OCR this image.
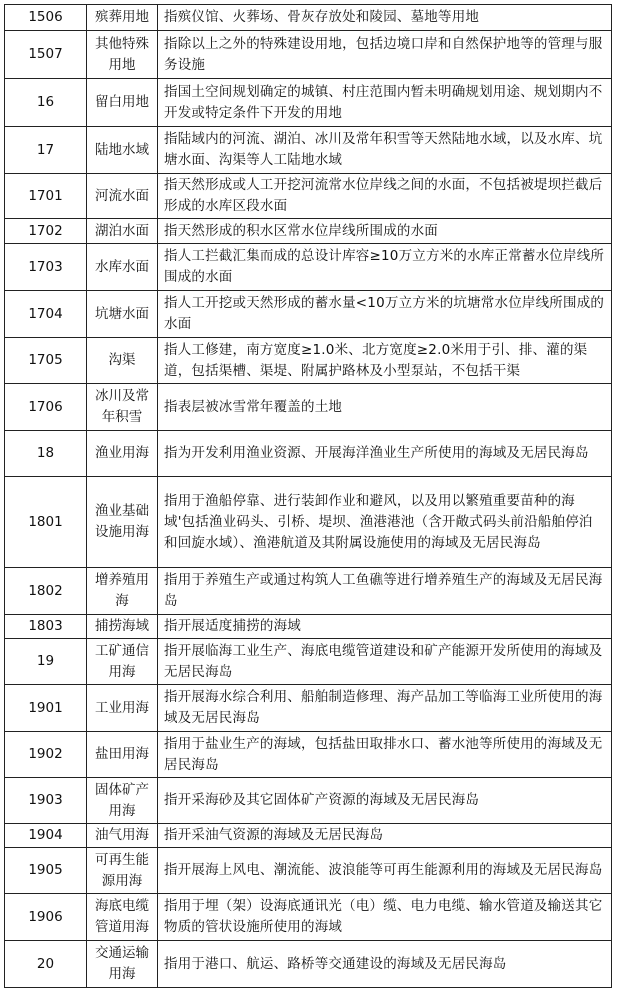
1506	殡葬用地	指殡仪馆、火葬场、骨灰存放处和陵园、墓地等用地
1507	其他特殊用地	指除以上之外的特殊建设用地，包括边境口岸和自然保护地等的管理与服务设施
16	留白用地	指国土空间规划确定的城镇、村庄范围内暂未明确规划用途、规划期内不开发或特定条件下开发的用地
17	陆地水域	指陆域内的河流、湖泊、冰川及常年积雪等天然陆地水域，以及水库、坑塘水面、沟渠等人工陆地水域
1701	河流水面	指天然形成或人工开挖河流常水位岸线之间的水面，不包括被堤坝拦截后形成的水库区段水面
1702	湖泊水面	指天然形成的积水区常水位岸线所围成的水面
1703	水库水面	指人工拦截汇集而成的总设计库容≥10万立方米的水库正常蓄水位岸线所围成的水面
1704	坑塘水面	指人工开挖或天然形成的蓄水量<10万立方米的坑塘常水位岸线所围成的水面
1705	沟渠	指人工修建，南方宽度≥1.0米、北方宽度≥2.0米用于引、排、灌的渠道，包括渠槽、渠堤、附属护路林及小型泵站，不包括干渠
1706	冰川及常年积雪	指表层被冰雪常年覆盖的土地
18	渔业用海	指为开发利用渔业资源、开展海洋渔业生产所使用的海域及无居民海岛
1801	渔业基础设施用海	指用于渔船停靠、进行装卸作业和避风，以及用以繁殖重要苗种的海域'包括渔业码头、引桥、堤坝、渔港港池（含开敞式码头前沿船舶停泊和回旋水域）、渔港航道及其附属设施使用的海域及无居民海岛
1802	增养殖用海	指用于养殖生产或通过构筑人工鱼礁等进行增养殖生产的海域及无居民海岛
1803	捕捞海域	指开展适度捕捞的海域
19	工矿通信用海	指开展临海工业生产、海底电缆管道建设和矿产能源开发所使用的海域及无居民海岛
1901	工业用海	指开展海水综合利用、船舶制造修理、海产品加工等临海工业所使用的海域及无居民海岛
1902	盐田用海	指用于盐业生产的海域，包括盐田取排水口、蓄水池等所使用的海域及无居民海岛
1903	固体矿产用海	指开采海砂及其它固体矿产资源的海域及无居民海岛
1904	油气用海	指开采油气资源的海域及无居民海岛
1905	可再生能源用海	指开展海上风电、潮流能、波浪能等可再生能源利用的海域及无居民海岛
1906	海底电缆管道用海	指用于埋（架）设海底通讯光（电）缆、电力电缆、输水管道及输送其它物质的管状设施所使用的海域
20	交通运输用海	指用于港口、航运、路桥等交通建设的海域及无居民海岛
